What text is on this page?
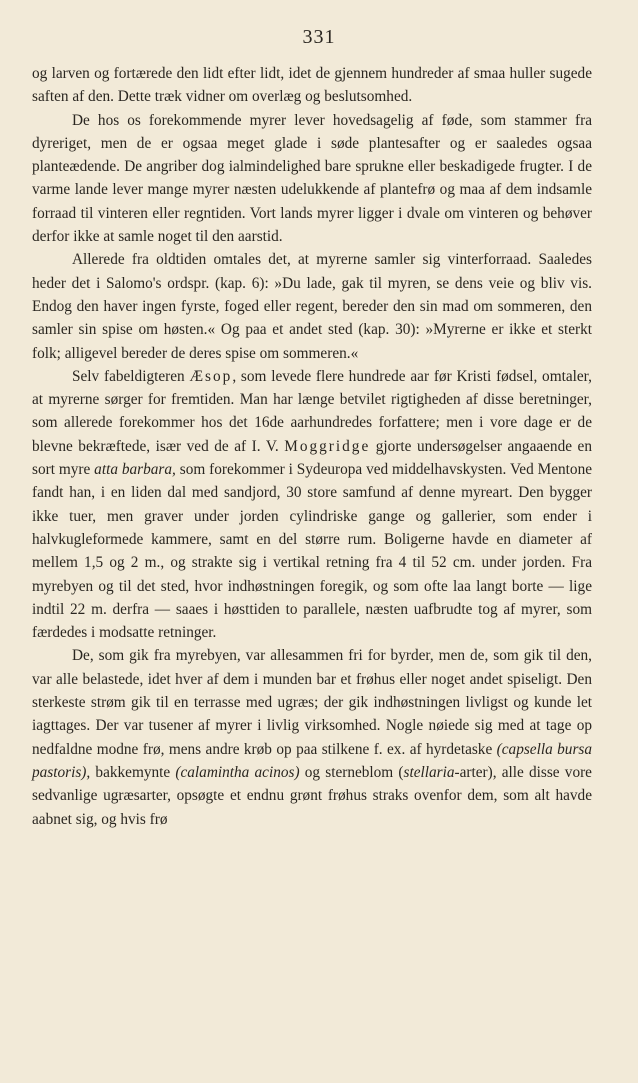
331

og larven og fortærede den lidt efter lidt, idet de gjennem hundreder af smaa huller sugede saften af den. Dette træk vidner om overlæg og beslutsomhed.

De hos os forekommende myrer lever hovedsagelig af føde, som stammer fra dyreriget, men de er ogsaa meget glade i søde plantesafter og er saaledes ogsaa planteædende. De angriber dog ialmindelighed bare sprukne eller beskadigede frugter. I de varme lande lever mange myrer næsten udelukkende af plantefrø og maa af dem indsamle forraad til vinteren eller regntiden. Vort lands myrer ligger i dvale om vinteren og behøver derfor ikke at samle noget til den aarstid.

Allerede fra oldtiden omtales det, at myrerne samler sig vinterforraad. Saaledes heder det i Salomo's ordspr. (kap. 6): »Du lade, gak til myren, se dens veie og bliv vis. Endog den haver ingen fyrste, foged eller regent, bereder den sin mad om sommeren, den samler sin spise om høsten.« Og paa et andet sted (kap. 30): »Myrerne er ikke et sterkt folk; alligevel bereder de deres spise om sommeren.«

Selv fabeldigteren Æsop, som levede flere hundrede aar før Kristi fødsel, omtaler, at myrerne sørger for fremtiden. Man har længe betvilet rigtigheden af disse beretninger, som allerede forekommer hos det 16de aarhundredes forfattere; men i vore dage er de blevne bekræftede, især ved de af I. V. Moggridge gjorte undersøgelser angaaende en sort myre atta barbara, som forekommer i Sydeuropa ved middelhavskysten. Ved Mentone fandt han, i en liden dal med sandjord, 30 store samfund af denne myreart. Den bygger ikke tuer, men graver under jorden cylindriske gange og gallerier, som ender i halvkugleformede kammere, samt en del større rum. Boligerne havde en diameter af mellem 1,5 og 2 m., og strakte sig i vertikal retning fra 4 til 52 cm. under jorden. Fra myrebyen og til det sted, hvor indhøstningen foregik, og som ofte laa langt borte — lige indtil 22 m. derfra — saaes i høsttiden to parallele, næsten uafbrudte tog af myrer, som færdedes i modsatte retninger.

De, som gik fra myrebyen, var allesammen fri for byrder, men de, som gik til den, var alle belastede, idet hver af dem i munden bar et frøhus eller noget andet spiseligt. Den sterkeste strøm gik til en terrasse med ugræs; der gik indhøstningen livligst og kunde let iagttages. Der var tusener af myrer i livlig virksomhed. Nogle nøiede sig med at tage op nedfaldne modne frø, mens andre krøb op paa stilkene f. ex. af hyrdetaske (capsella bursa pastoris), bakkemynte (calamintha acinos) og sterneblom (stellaria-arter), alle disse vore sedvanlige ugræsarter, opsøgte et endnu grønt frøhus straks ovenfor dem, som alt havde aabnet sig, og hvis frø
